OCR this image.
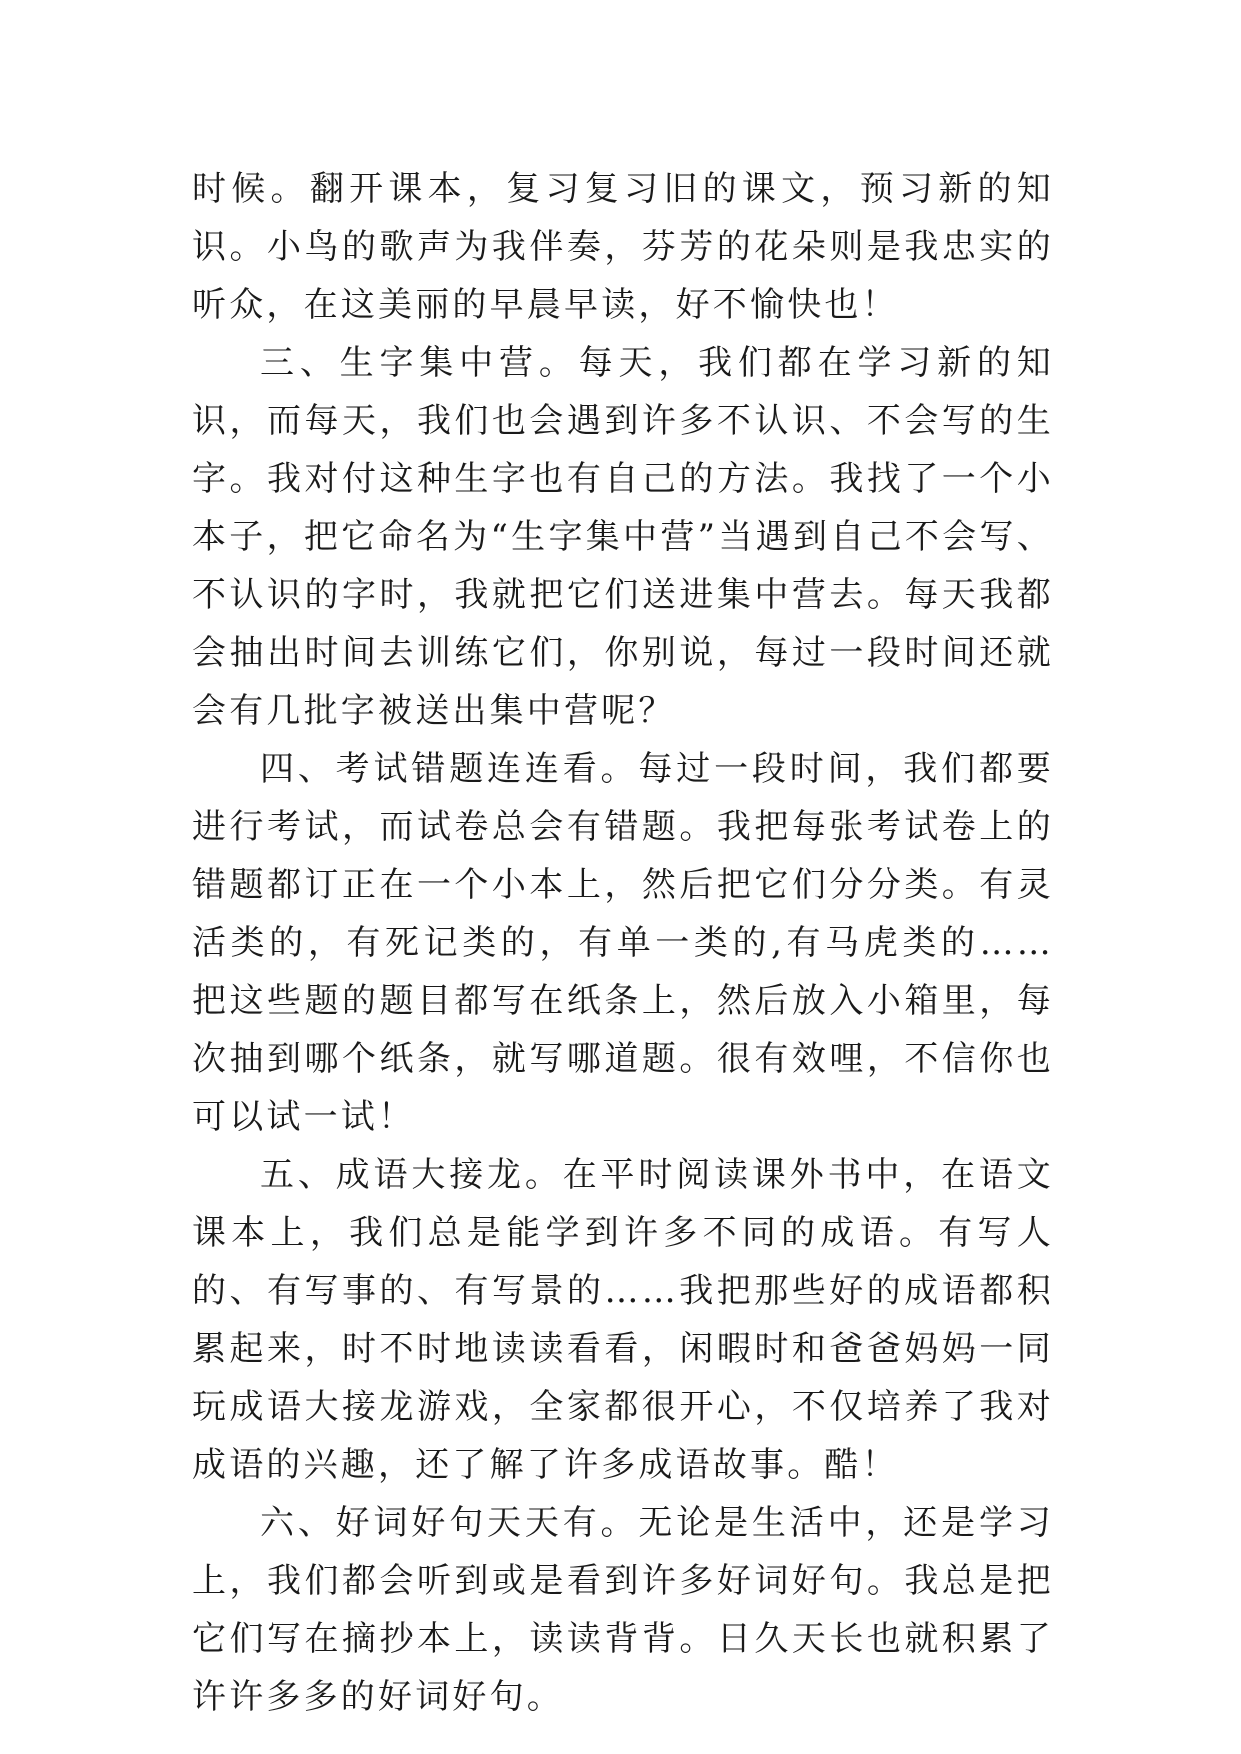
时候。翻开课本，复习复习旧的课文，预习新的知识。小鸟的歌声为我伴奏，芬芳的花朵则是我忠实的听众，在这美丽的早晨早读，好不愉快也！

三、生字集中营。每天，我们都在学习新的知识，而每天，我们也会遇到许多不认识、不会写的生字。我对付这种生字也有自己的方法。我找了一个小本子，把它命名为“生字集中营”当遇到自己不会写、不认识的字时，我就把它们送进集中营去。每天我都会抽出时间去训练它们，你别说，每过一段时间还就会有几批字被送出集中营呢？

四、考试错题连连看。每过一段时间，我们都要进行考试，而试卷总会有错题。我把每张考试卷上的错题都订正在一个小本上，然后把它们分分类。有灵活类的，有死记类的，有单一类的,有马虎类的……把这些题的题目都写在纸条上，然后放入小箱里，每次抽到哪个纸条，就写哪道题。很有效哩，不信你也可以试一试！

五、成语大接龙。在平时阅读课外书中，在语文课本上，我们总是能学到许多不同的成语。有写人的、有写事的、有写景的……我把那些好的成语都积累起来，时不时地读读看看，闲暇时和爸爸妈妈一同玩成语大接龙游戏，全家都很开心，不仅培养了我对成语的兴趣，还了解了许多成语故事。酷！

六、好词好句天天有。无论是生活中，还是学习上，我们都会听到或是看到许多好词好句。我总是把它们写在摘抄本上，读读背背。日久天长也就积累了许许多多的好词好句。
